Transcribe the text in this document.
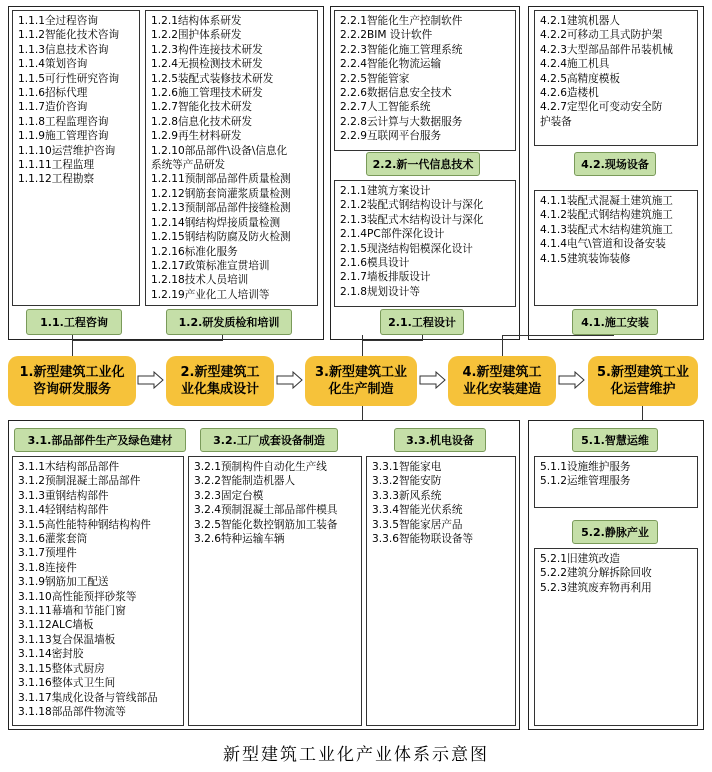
1.1.1全过程咨询
1.1.2智能化技术咨询
1.1.3信息技术咨询
1.1.4策划咨询
1.1.5可行性研究咨询
1.1.6招标代理
1.1.7造价咨询
1.1.8工程监理咨询
1.1.9施工管理咨询
1.1.10运营维护咨询
1.1.11工程监理
1.1.12工程勘察
1.2.1结构体系研发
1.2.2围护体系研发
1.2.3构件连接技术研发
1.2.4无损检测技术研发
1.2.5装配式装修技术研发
1.2.6施工管理技术研发
1.2.7智能化技术研发
1.2.8信息化技术研发
1.2.9再生材料研发
1.2.10部品部件\设备\信息化
系统等产品研发
1.2.11预制部品部件质量检测
1.2.12钢筋套筒灌浆质量检测
1.2.13预制部品部件接缝检测
1.2.14钢结构焊接质量检测
1.2.15钢结构防腐及防火检测
1.2.16标准化服务
1.2.17政策标准宣贯培训
1.2.18技术人员培训
1.2.19产业化工人培训等
1.1.工程咨询	1.2.研发质检和培训
2.2.1智能化生产控制软件
2.2.2BIM 设计软件
2.2.3智能化施工管理系统
2.2.4智能化物流运输
2.2.5智能管家
2.2.6数据信息安全技术
2.2.7人工智能系统
2.2.8云计算与大数据服务
2.2.9互联网平台服务
2.2.新一代信息技术
2.1.1建筑方案设计
2.1.2装配式钢结构设计与深化
2.1.3装配式木结构设计与深化
2.1.4PC部件深化设计
2.1.5现浇结构铝模深化设计
2.1.6模具设计
2.1.7墙板排版设计
2.1.8规划设计等
2.1.工程设计
4.2.1建筑机器人
4.2.2可移动工具式防护架
4.2.3大型部品部件吊装机械
4.2.4施工机具
4.2.5高精度模板
4.2.6造楼机
4.2.7定型化可变动安全防
护装备
4.2.现场设备
4.1.1装配式混凝土建筑施工
4.1.2装配式钢结构建筑施工
4.1.3装配式木结构建筑施工
4.1.4电气\管道和设备安装
4.1.5建筑装饰装修
4.1.施工安装
1.新型建筑工业化
咨询研发服务
2.新型建筑工
业化集成设计
3.新型建筑工业
化生产制造
4.新型建筑工
业化安装建造
5.新型建筑工业
化运营维护
3.1.部品部件生产及绿色建材
3.1.1木结构部品部件
3.1.2预制混凝土部品部件
3.1.3重钢结构部件
3.1.4轻钢结构部件
3.1.5高性能特种钢结构构件
3.1.6灌浆套筒
3.1.7预埋件
3.1.8连接件
3.1.9钢筋加工配送
3.1.10高性能预拌砂浆等
3.1.11幕墙和节能门窗
3.1.12ALC墙板
3.1.13复合保温墙板
3.1.14密封胶
3.1.15整体式厨房
3.1.16整体式卫生间
3.1.17集成化设备与管线部品
3.1.18部品部件物流等
3.2.工厂成套设备制造
3.2.1预制构件自动化生产线
3.2.2智能制造机器人
3.2.3固定台模
3.2.4预制混凝土部品部件模具
3.2.5智能化数控钢筋加工装备
3.2.6特种运输车辆
3.3.机电设备
3.3.1智能家电
3.3.2智能安防
3.3.3新风系统
3.3.4智能光伏系统
3.3.5智能家居产品
3.3.6智能物联设备等
5.1.智慧运维
5.1.1设施维护服务
5.1.2运维管理服务
5.2.静脉产业
5.2.1旧建筑改造
5.2.2建筑分解拆除回收
5.2.3建筑废弃物再利用
新型建筑工业化产业体系示意图
